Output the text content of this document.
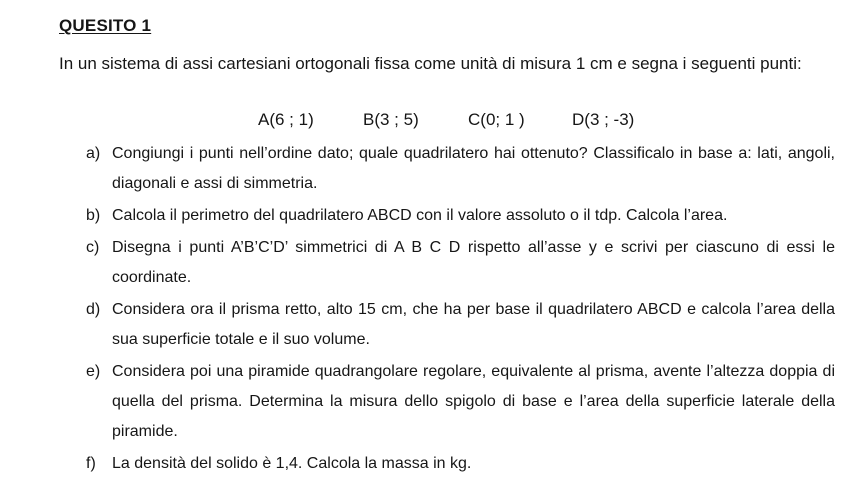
QUESITO 1
In un sistema di assi cartesiani ortogonali fissa come unità di misura 1 cm e segna i seguenti punti:
A(6 ; 1)	B(3 ; 5)	C(0; 1 )	D(3 ; -3)
a) Congiungi i punti nell’ordine dato; quale quadrilatero hai ottenuto? Classificalo in base a: lati, angoli, diagonali e assi di simmetria.
b) Calcola il perimetro del quadrilatero ABCD con il valore assoluto o il tdp. Calcola l’area.
c) Disegna i punti A’B’C’D’ simmetrici di A B C D rispetto all’asse y e scrivi per ciascuno di essi le coordinate.
d) Considera ora il prisma retto, alto 15 cm, che ha per base il quadrilatero ABCD e calcola l’area della sua superficie totale e il suo volume.
e) Considera poi una piramide quadrangolare regolare, equivalente al prisma, avente l’altezza doppia di quella del prisma. Determina la misura dello spigolo di base e l’area della superficie laterale della piramide.
f) La densità del solido è 1,4. Calcola la massa in kg.
